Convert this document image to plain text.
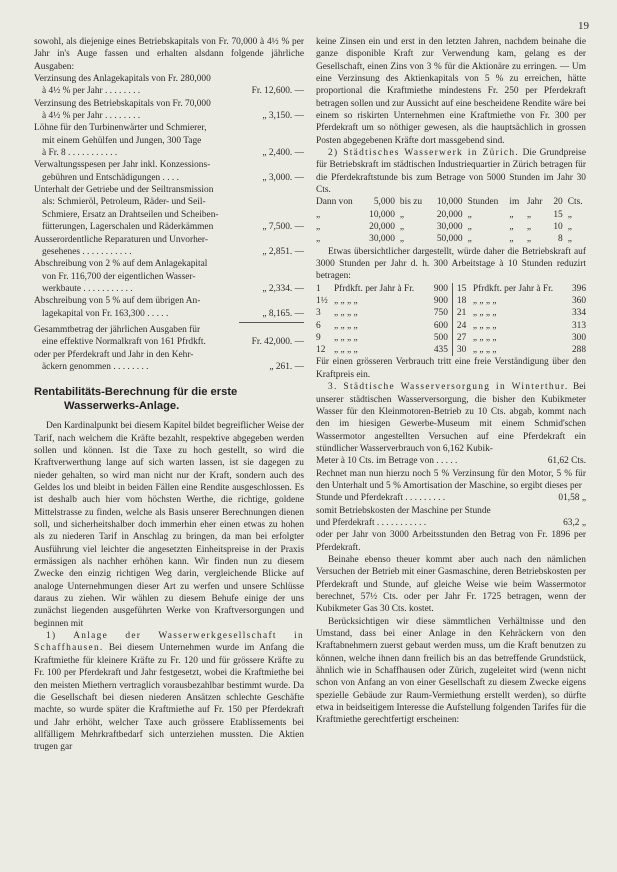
19

sowohl, als diejenige eines Betriebskapitals von Fr. 70,000 à 4½ % per Jahr in's Auge fassen und erhalten alsdann folgende jährliche Ausgaben:

Verzinsung des Anlagekapitals von Fr. 280,000
à 4½ % per Jahr . . . . . . . .	Fr. 12,600. —
Verzinsung des Betriebskapitals von Fr. 70,000
à 4½ % per Jahr . . . . . . . .	„ 3,150. —
Löhne für den Turbinenwärter und Schmierer,
mit einem Gehülfen und Jungen, 300 Tage
à Fr. 8 . . . . . . . . . . .	„ 2,400. —
Verwaltungsspesen per Jahr inkl. Konzessions-
gebühren und Entschädigungen . . . .	„ 3,000. —
Unterhalt der Getriebe und der Seiltransmission
als: Schmieröl, Petroleum, Räder- und Seil-
Schmiere, Ersatz an Drahtseilen und Scheiben-
fütterungen, Lagerschalen und Räderkämmen	„ 7,500. —
Ausserordentliche Reparaturen und Unvorher-
gesehenes . . . . . . . . . . .	„ 2,851. —
Abschreibung von 2 % auf dem Anlagekapital
von Fr. 116,700 der eigentlichen Wasser-
werkbaute . . . . . . . . . . .	„ 2,334. —
Abschreibung von 5 % auf dem übrigen An-
lagekapital von Fr. 163,300 . . . . .	„ 8,165. —
Gesammtbetrag der jährlichen Ausgaben für
eine effektive Normalkraft von 161 Pfrdkft.	Fr. 42,000. —
oder per Pferdekraft und Jahr in den Kehr-
äckern genommen . . . . . . . .	„ 261. —
Rentabilitäts-Berechnung für die erste
Wasserwerks-Anlage.

Den Kardinalpunkt bei diesem Kapitel bildet begreiflicher Weise der Tarif, nach welchem die Kräfte bezahlt, respektive abgegeben werden sollen und können. Ist die Taxe zu hoch gestellt, so wird die Kraftverwerthung lange auf sich warten lassen, ist sie dagegen zu nieder gehalten, so wird man nicht nur der Kraft, sondern auch des Geldes los und bleibt in beiden Fällen eine Rendite ausgeschlossen. Es ist deshalb auch hier vom höchsten Werthe, die richtige, goldene Mittelstrasse zu finden, welche als Basis unserer Berechnungen dienen soll, und sicherheitshalber doch immerhin eher einen etwas zu hohen als zu niederen Tarif in Anschlag zu bringen, da man bei erfolgter Ausführung viel leichter die angesetzten Einheitspreise in der Praxis ermässigen als nachher erhöhen kann. Wir finden nun zu diesem Zwecke den einzig richtigen Weg darin, vergleichende Blicke auf analoge Unternehmungen dieser Art zu werfen und unsere Schlüsse daraus zu ziehen. Wir wählen zu diesem Behufe einige der uns zunächst liegenden ausgeführten Werke von Kraftversorgungen und beginnen mit

1) Anlage der Wasserwerkgesellschaft in Schaffhausen. Bei diesem Unternehmen wurde im Anfang die Kraftmiethe für kleinere Kräfte zu Fr. 120 und für grössere Kräfte zu Fr. 100 per Pferdekraft und Jahr festgesetzt, wobei die Kraftmiethe bei den meisten Miethern vertraglich vorausbezahlbar bestimmt wurde. Da die Gesellschaft bei diesen niederen Ansätzen schlechte Geschäfte machte, so wurde später die Kraftmiethe auf Fr. 150 per Pferdekraft und Jahr erhöht, welcher Taxe auch grössere Etablissements bei allfälligem Mehrkraftbedarf sich unterziehen mussten. Die Aktien trugen gar

keine Zinsen ein und erst in den letzten Jahren, nachdem beinahe die ganze disponible Kraft zur Verwendung kam, gelang es der Gesellschaft, einen Zins von 3 % für die Aktionäre zu erringen. — Um eine Verzinsung des Aktienkapitals von 5 % zu erreichen, hätte proportional die Kraftmiethe mindestens Fr. 250 per Pferdekraft betragen sollen und zur Aussicht auf eine bescheidene Rendite wäre bei einem so riskirten Unternehmen eine Kraftmiethe von Fr. 300 per Pferdekraft um so nöthiger gewesen, als die hauptsächlich in grossen Posten abgegebenen Kräfte dort massgebend sind.

2) Städtisches Wasserwerk in Zürich. Die Grundpreise für Betriebskraft im städtischen Industriequartier in Zürich betragen für die Pferdekraftstunde bis zum Betrage von 5000 Stunden im Jahr 30 Cts.

Dann von	5,000	bis zu	10,000	Stunden	im	Jahr	20	Cts.
„	10,000	„	20,000	„	„	„	15	„
„	20,000	„	30,000	„	„	„	10	„
„	30,000	„	50,000	„	„	„	8	„

Etwas übersichtlicher dargestellt, würde daher die Betriebskraft auf 3000 Stunden per Jahr d. h. 300 Arbeitstage à 10 Stunden reduzirt betragen:

1	Pfrdkft. per Jahr à Fr.	900	15	Pfrdkft. per Jahr à Fr.	396
1½	„ „ „ „	900	18	„ „ „ „	360
3	„ „ „ „	750	21	„ „ „ „	334
6	„ „ „ „	600	24	„ „ „ „	313
9	„ „ „ „	500	27	„ „ „ „	300
12	„ „ „ „	435	30	„ „ „ „	288

Für einen grösseren Verbrauch tritt eine freie Verständigung über den Kraftpreis ein.

3. Städtische Wasserversorgung in Winterthur. Bei unserer städtischen Wasserversorgung, die bisher den Kubikmeter Wasser für den Kleinmotoren-Betrieb zu 10 Cts. abgab, kommt nach den im hiesigen Gewerbe-Museum mit einem Schmid'schen Wassermotor angestellten Versuchen auf eine Pferdekraft ein stündlicher Wasserverbrauch von 6,162 Kubik-

Meter à 10 Cts. im Betrage von . . . . .	61,62 Cts.

Rechnet man nun hierzu noch 5 % Verzinsung für den Motor, 5 % für den Unterhalt und 5 % Amortisation der Maschine, so ergibt dieses per

Stunde und Pferdekraft . . . . . . . . .	01,58 „

somit Betriebskosten der Maschine per Stunde

und Pferdekraft . . . . . . . . . . .	63,2 „

oder per Jahr von 3000 Arbeitsstunden den Betrag von Fr. 1896 per Pferdekraft.

Beinahe ebenso theuer kommt aber auch nach den nämlichen Versuchen der Betrieb mit einer Gasmaschine, deren Betriebskosten per Pferdekraft und Stunde, auf gleiche Weise wie beim Wassermotor berechnet, 57½ Cts. oder per Jahr Fr. 1725 betragen, wenn der Kubikmeter Gas 30 Cts. kostet.

Berücksichtigen wir diese sämmtlichen Verhältnisse und den Umstand, dass bei einer Anlage in den Kehräckern von den Kraftabnehmern zuerst gebaut werden muss, um die Kraft benutzen zu können, welche ihnen dann freilich bis an das betreffende Grundstück, ähnlich wie in Schaffhausen oder Zürich, zugeleitet wird (wenn nicht schon von Anfang an von einer Gesellschaft zu diesem Zwecke eigens spezielle Gebäude zur Raum-Vermiethung erstellt werden), so dürfte etwa in beidseitigem Interesse die Aufstellung folgenden Tarifes für die Kraftmiethe gerechtfertigt erscheinen:
